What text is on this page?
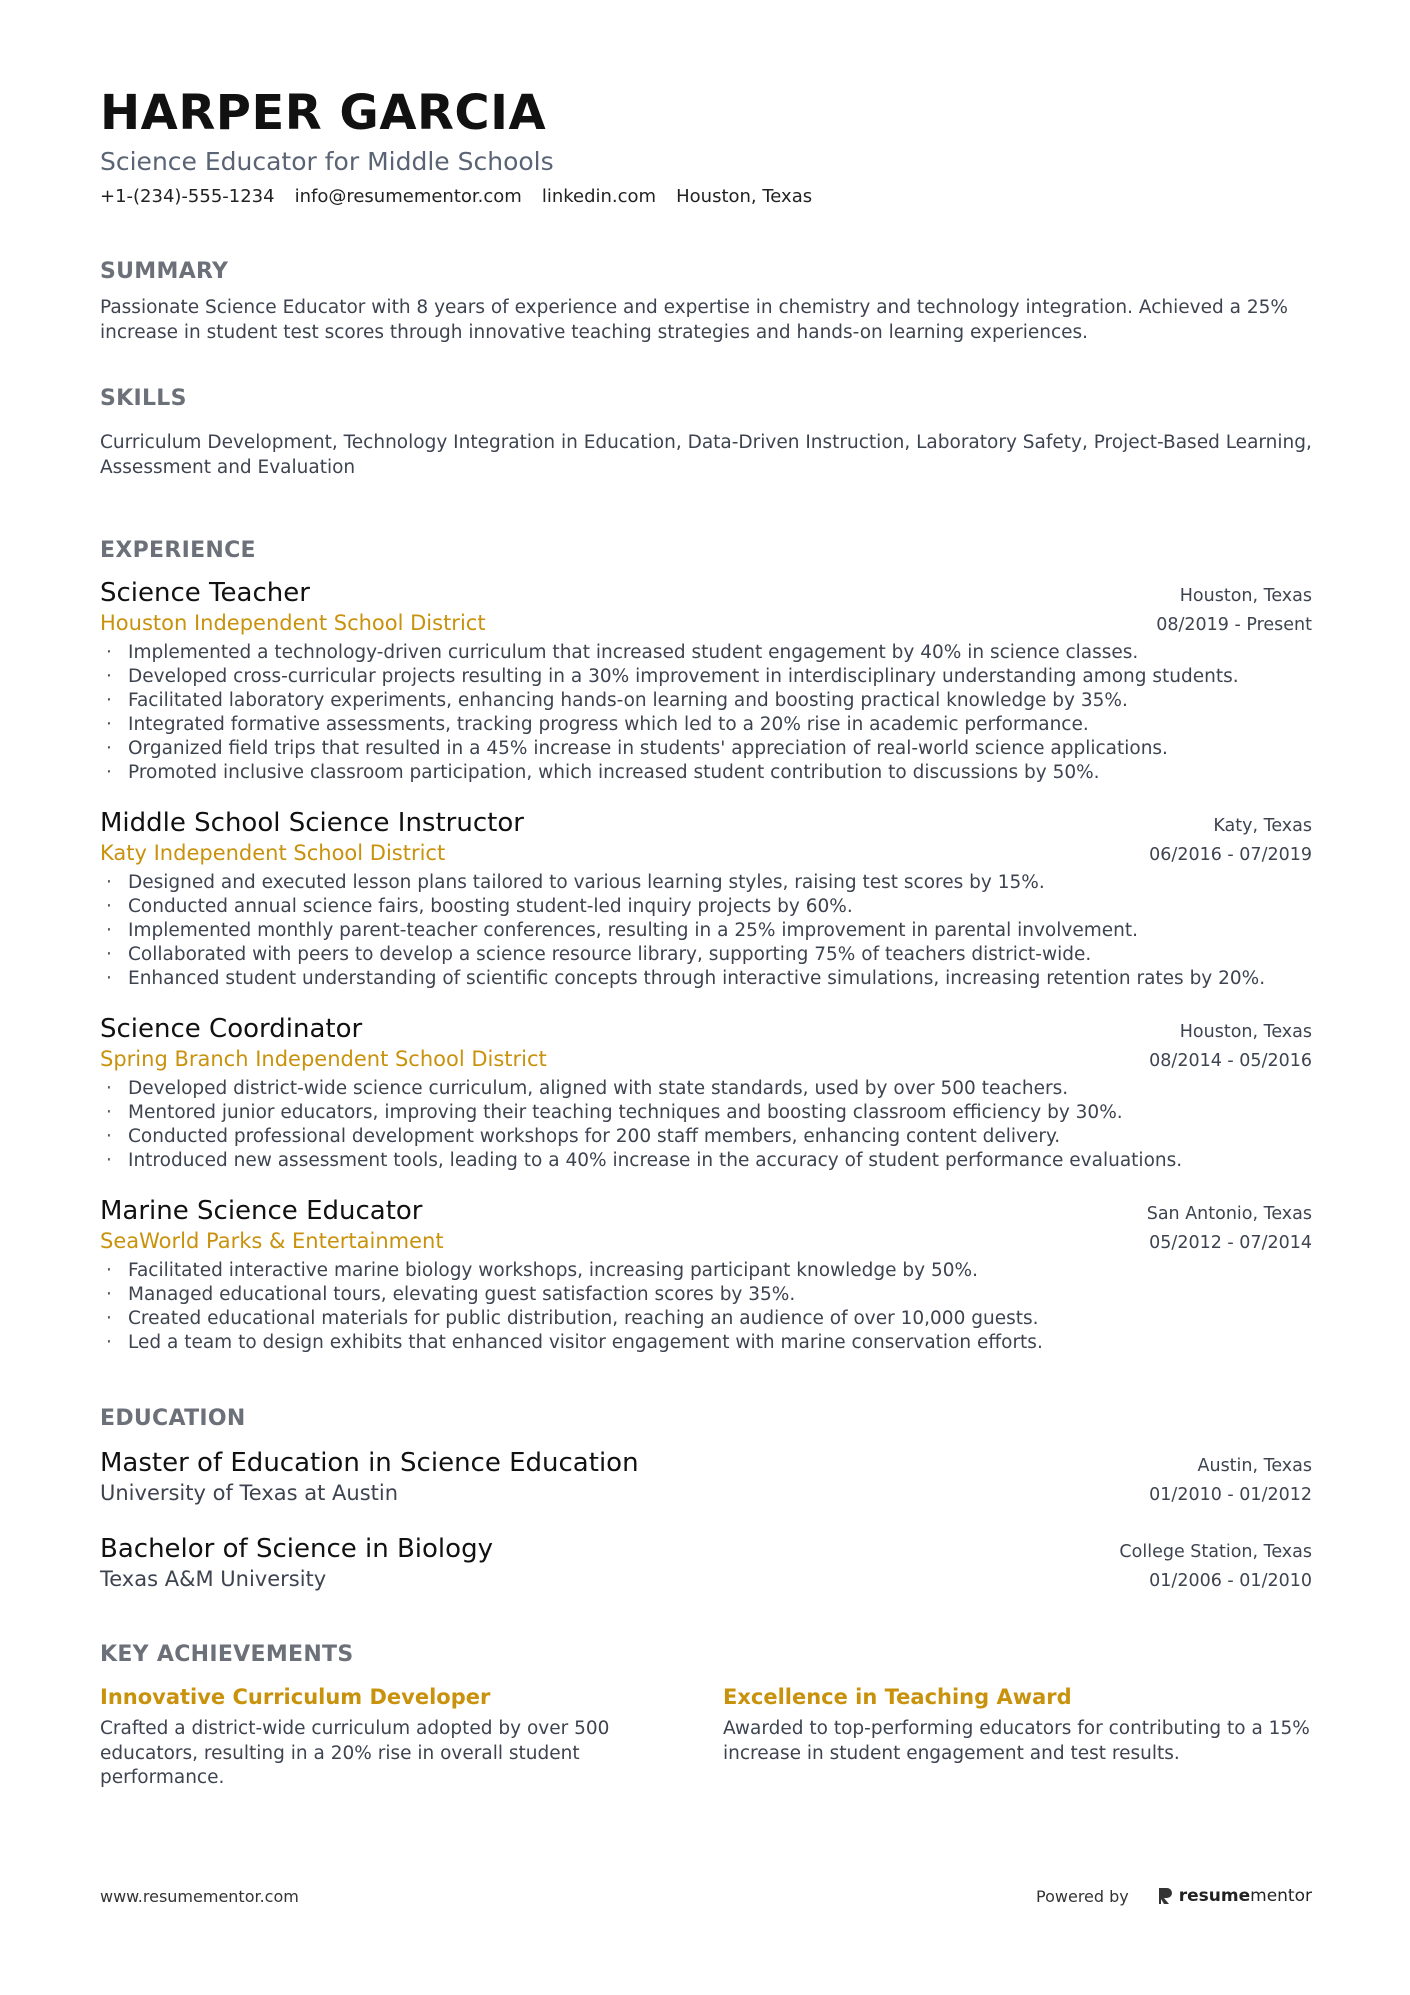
HARPER GARCIA
Science Educator for Middle Schools
+1-(234)-555-1234 info@resumementor.com linkedin.com Houston, Texas
SUMMARY
Passionate Science Educator with 8 years of experience and expertise in chemistry and technology integration. Achieved a 25% increase in student test scores through innovative teaching strategies and hands-on learning experiences.
SKILLS
Curriculum Development, Technology Integration in Education, Data-Driven Instruction, Laboratory Safety, Project-Based Learning, Assessment and Evaluation
EXPERIENCE
Science Teacher	Houston, Texas
Houston Independent School District	08/2019 - Present
· Implemented a technology-driven curriculum that increased student engagement by 40% in science classes.
· Developed cross-curricular projects resulting in a 30% improvement in interdisciplinary understanding among students.
· Facilitated laboratory experiments, enhancing hands-on learning and boosting practical knowledge by 35%.
· Integrated formative assessments, tracking progress which led to a 20% rise in academic performance.
· Organized field trips that resulted in a 45% increase in students' appreciation of real-world science applications.
· Promoted inclusive classroom participation, which increased student contribution to discussions by 50%.
Middle School Science Instructor	Katy, Texas
Katy Independent School District	06/2016 - 07/2019
· Designed and executed lesson plans tailored to various learning styles, raising test scores by 15%.
· Conducted annual science fairs, boosting student-led inquiry projects by 60%.
· Implemented monthly parent-teacher conferences, resulting in a 25% improvement in parental involvement.
· Collaborated with peers to develop a science resource library, supporting 75% of teachers district-wide.
· Enhanced student understanding of scientific concepts through interactive simulations, increasing retention rates by 20%.
Science Coordinator	Houston, Texas
Spring Branch Independent School District	08/2014 - 05/2016
· Developed district-wide science curriculum, aligned with state standards, used by over 500 teachers.
· Mentored junior educators, improving their teaching techniques and boosting classroom efficiency by 30%.
· Conducted professional development workshops for 200 staff members, enhancing content delivery.
· Introduced new assessment tools, leading to a 40% increase in the accuracy of student performance evaluations.
Marine Science Educator	San Antonio, Texas
SeaWorld Parks & Entertainment	05/2012 - 07/2014
· Facilitated interactive marine biology workshops, increasing participant knowledge by 50%.
· Managed educational tours, elevating guest satisfaction scores by 35%.
· Created educational materials for public distribution, reaching an audience of over 10,000 guests.
· Led a team to design exhibits that enhanced visitor engagement with marine conservation efforts.
EDUCATION
Master of Education in Science Education	Austin, Texas
University of Texas at Austin	01/2010 - 01/2012
Bachelor of Science in Biology	College Station, Texas
Texas A&M University	01/2006 - 01/2010
KEY ACHIEVEMENTS
Innovative Curriculum Developer
Crafted a district-wide curriculum adopted by over 500 educators, resulting in a 20% rise in overall student performance.
Excellence in Teaching Award
Awarded to top-performing educators for contributing to a 15% increase in student engagement and test results.
www.resumementor.com	Powered by	resumementor
